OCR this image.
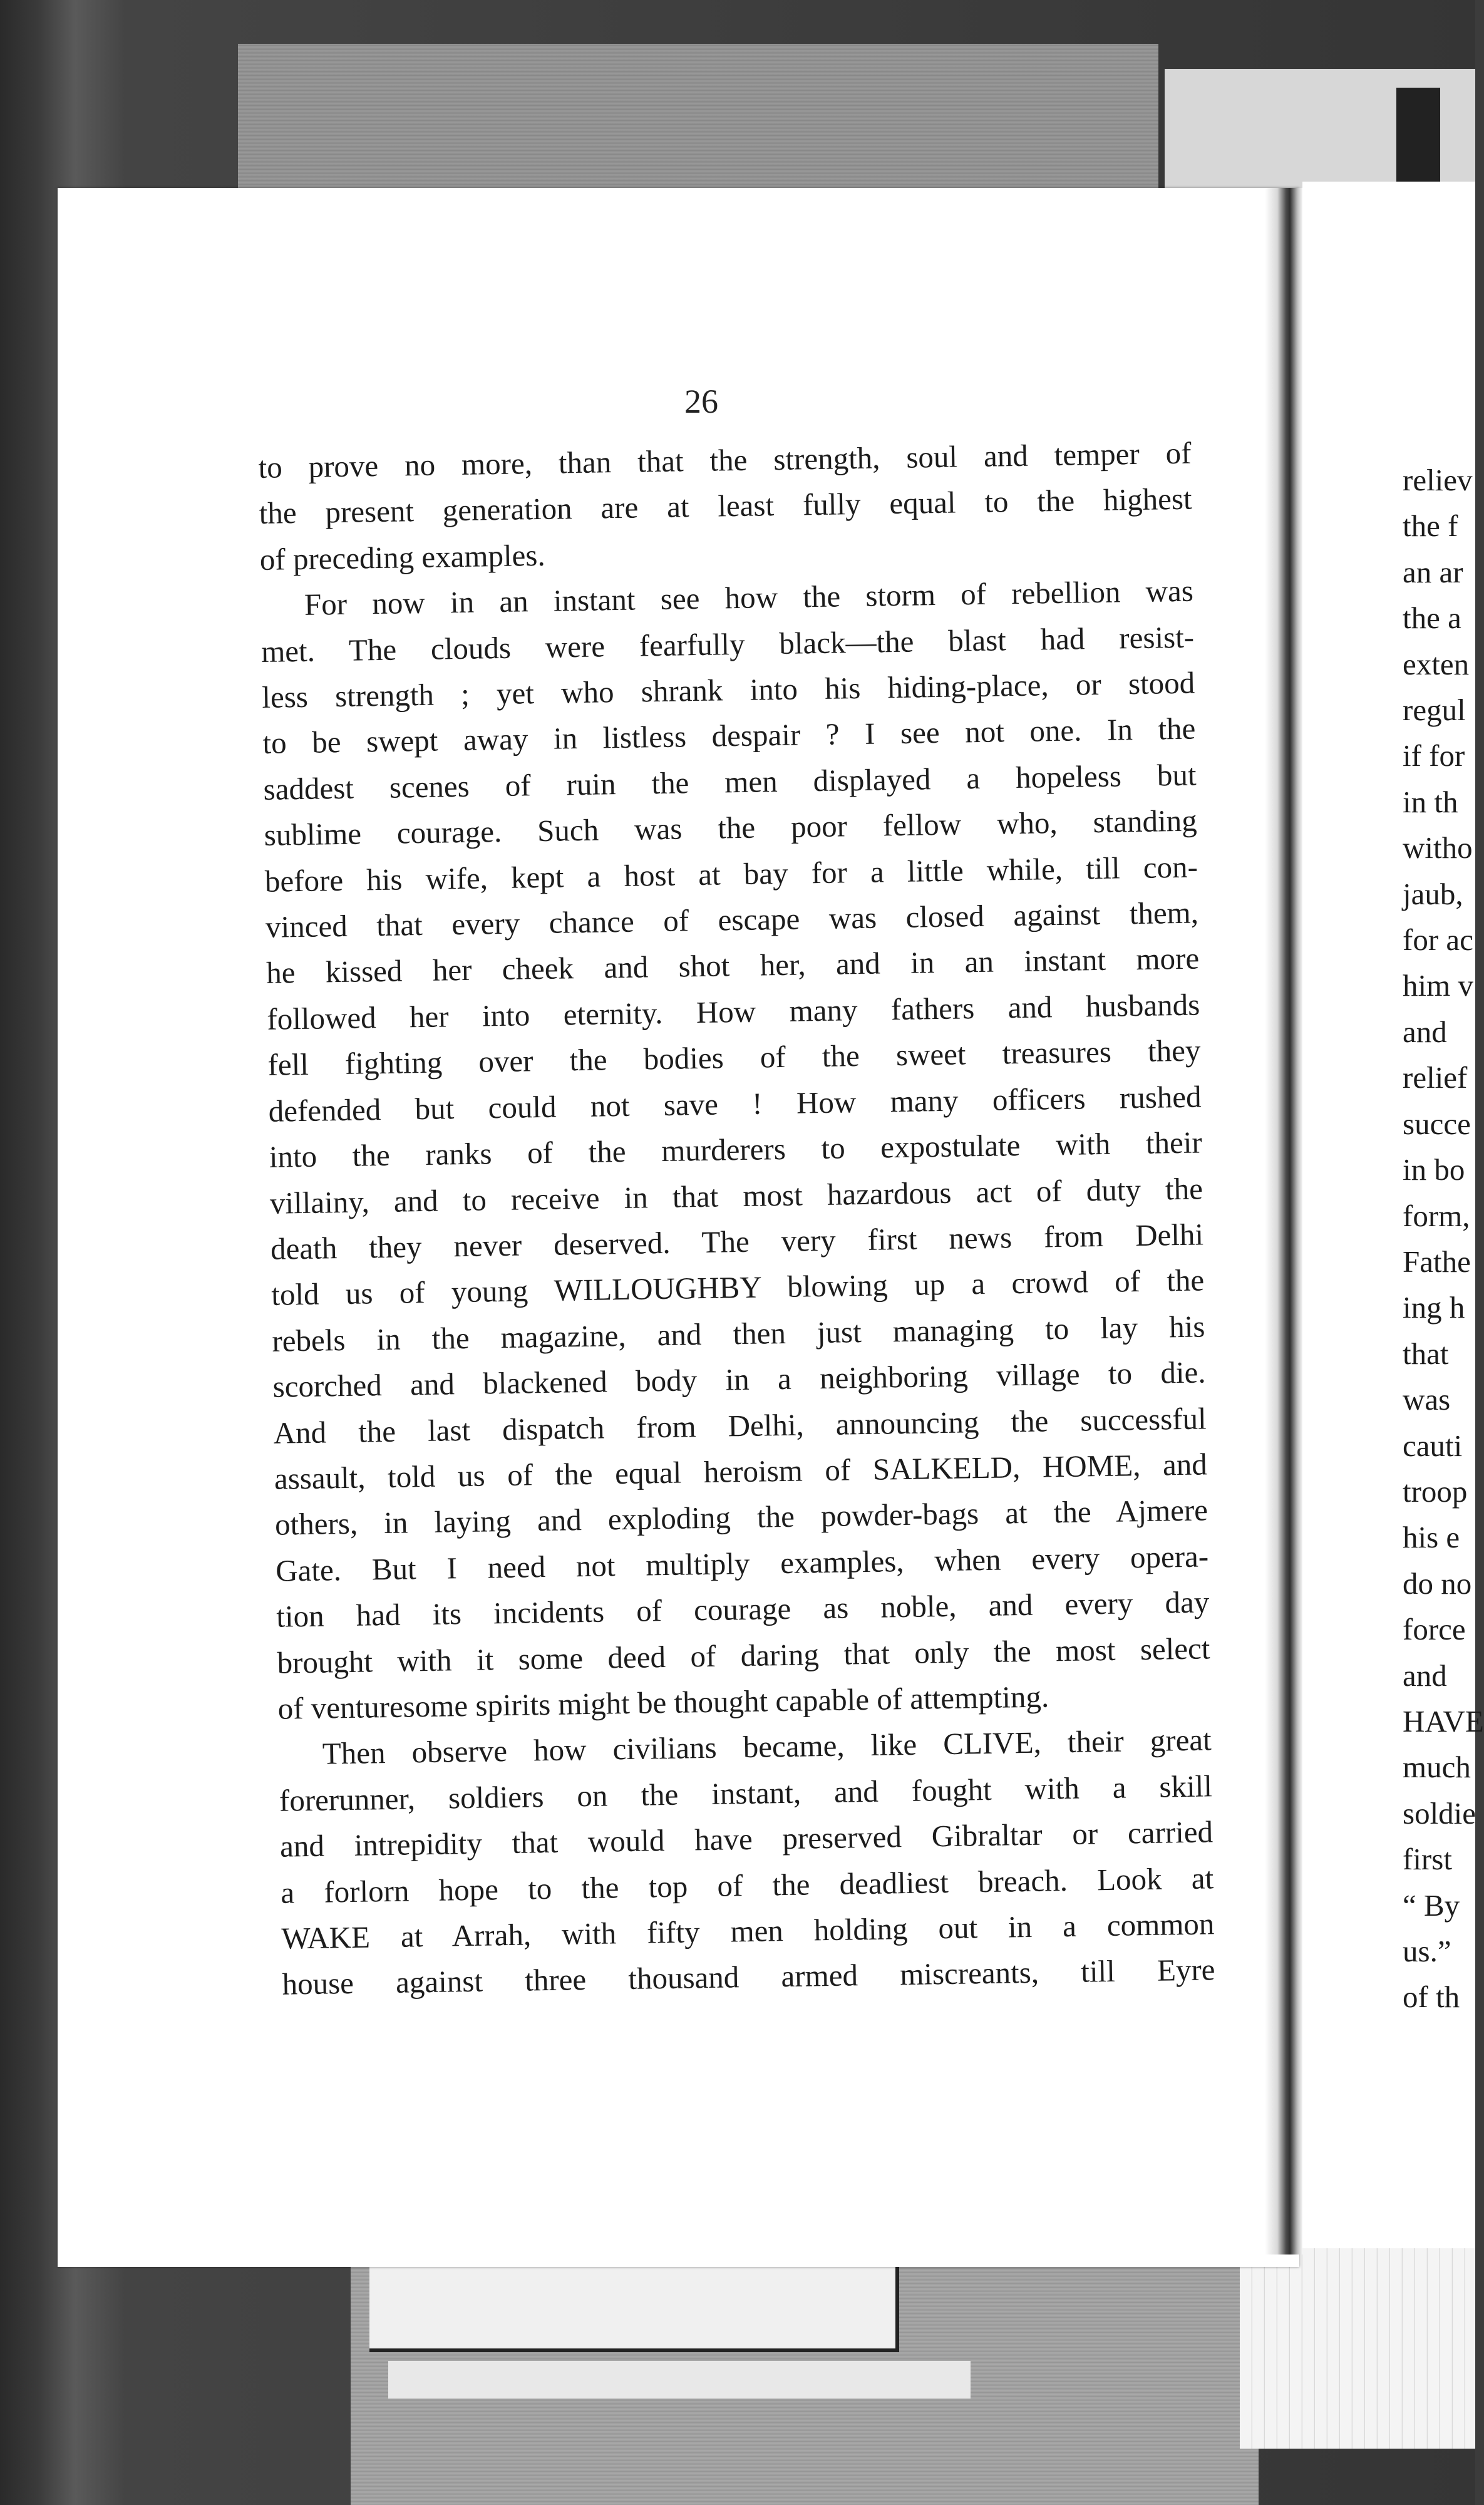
26
to prove no more, than that the strength, soul and temper of
the present generation are at least fully equal to the highest
of preceding examples.
For now in an instant see how the storm of rebellion was
met. The clouds were fearfully black—the blast had resist-
less strength ; yet who shrank into his hiding-place, or stood
to be swept away in listless despair ? I see not one. In the
saddest scenes of ruin the men displayed a hopeless but
sublime courage. Such was the poor fellow who, standing
before his wife, kept a host at bay for a little while, till con-
vinced that every chance of escape was closed against them,
he kissed her cheek and shot her, and in an instant more
followed her into eternity. How many fathers and husbands
fell fighting over the bodies of the sweet treasures they
defended but could not save ! How many officers rushed
into the ranks of the murderers to expostulate with their
villainy, and to receive in that most hazardous act of duty the
death they never deserved. The very first news from Delhi
told us of young WILLOUGHBY blowing up a crowd of the
rebels in the magazine, and then just managing to lay his
scorched and blackened body in a neighboring village to die.
And the last dispatch from Delhi, announcing the successful
assault, told us of the equal heroism of SALKELD, HOME, and
others, in laying and exploding the powder-bags at the Ajmere
Gate. But I need not multiply examples, when every opera-
tion had its incidents of courage as noble, and every day
brought with it some deed of daring that only the most select
of venturesome spirits might be thought capable of attempting.
Then observe how civilians became, like CLIVE, their great
forerunner, soldiers on the instant, and fought with a skill
and intrepidity that would have preserved Gibraltar or carried
a forlorn hope to the top of the deadliest breach. Look at
WAKE at Arrah, with fifty men holding out in a common
house against three thousand armed miscreants, till Eyre
reliev
the f
an ar
the a
exten
regul
if for
in th
witho
jaub,
for ac
him v
and
relief
succe
in bo
form,
Fathe
ing h
that
was
cauti
troop
his e
do no
force
and
HAVE
much
soldie
first
“ By
us.”
of th
